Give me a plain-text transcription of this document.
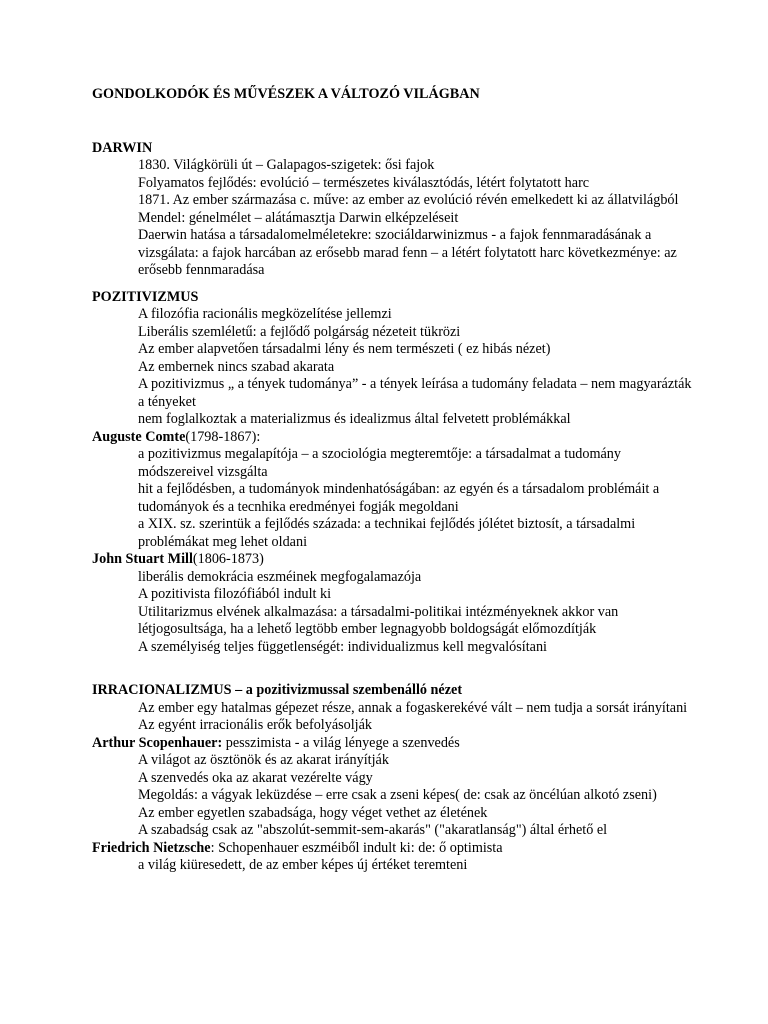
GONDOLKODÓK ÉS MŰVÉSZEK A VÁLTOZÓ VILÁGBAN
DARWIN
1830. Világkörüli út – Galapagos-szigetek: ősi fajok
Folyamatos fejlődés: evolúció – természetes kiválasztódás, létért folytatott harc
1871. Az ember származása c. műve: az ember az evolúció révén emelkedett ki az állatvilágból
Mendel: génelmélet – alátámasztja Darwin elképzeléseit
Daerwin hatása a társadalomelméletekre: szociáldarwinizmus - a fajok fennmaradásának a vizsgálata: a fajok harcában az erősebb marad fenn – a létért folytatott harc következménye: az erősebb fennmaradása
POZITIVIZMUS
A filozófia racionális megközelítése jellemzi
Liberális szemléletű: a fejlődő polgárság nézeteit tükrözi
Az ember alapvetően társadalmi lény és nem természeti ( ez hibás nézet)
Az embernek nincs szabad akarata
A pozitivizmus „ a tények tudománya” - a tények leírása a tudomány feladata – nem magyarázták a tényeket
nem foglalkoztak a materializmus és idealizmus által felvetett problémákkal
Auguste Comte(1798-1867):
a pozitivizmus megalapítója – a szociológia megteremtője: a társadalmat a tudomány módszereivel vizsgálta
hit a fejlődésben, a tudományok mindenhatóságában: az egyén és a társadalom problémáit a tudományok és a tecnhika eredményei fogják megoldani
a XIX. sz. szerintük a fejlődés százada: a technikai fejlődés jólétet biztosít, a társadalmi problémákat meg lehet oldani
John Stuart Mill(1806-1873)
liberális demokrácia eszméinek megfogalamazója
A pozitivista filozófiából indult ki
Utilitarizmus elvének alkalmazása: a társadalmi-politikai intézményeknek akkor van létjogosultsága, ha a lehető legtöbb ember legnagyobb boldogságát előmozdítják
A személyiség teljes függetlenségét: individualizmus kell megvalósítani
IRRACIONALIZMUS – a pozitivizmussal szembenálló nézet
Az ember egy hatalmas gépezet része, annak a fogaskerekévé vált – nem tudja a sorsát irányítani
Az egyént irracionális erők befolyásolják
Arthur Scopenhauer: pesszimista - a világ lényege a szenvedés
A világot az ösztönök és az akarat irányítják
A szenvedés oka az akarat vezérelte vágy
Megoldás: a vágyak leküzdése – erre csak a zseni képes( de: csak az öncélúan alkotó zseni)
Az ember egyetlen szabadsága, hogy véget vethet az életének
A szabadság csak az "abszolút-semmit-sem-akarás" ("akaratlanság") által érhető el
Friedrich Nietzsche: Schopenhauer eszméiből indult ki: de: ő optimista
a világ kiüresedett, de az ember képes új értéket teremteni
